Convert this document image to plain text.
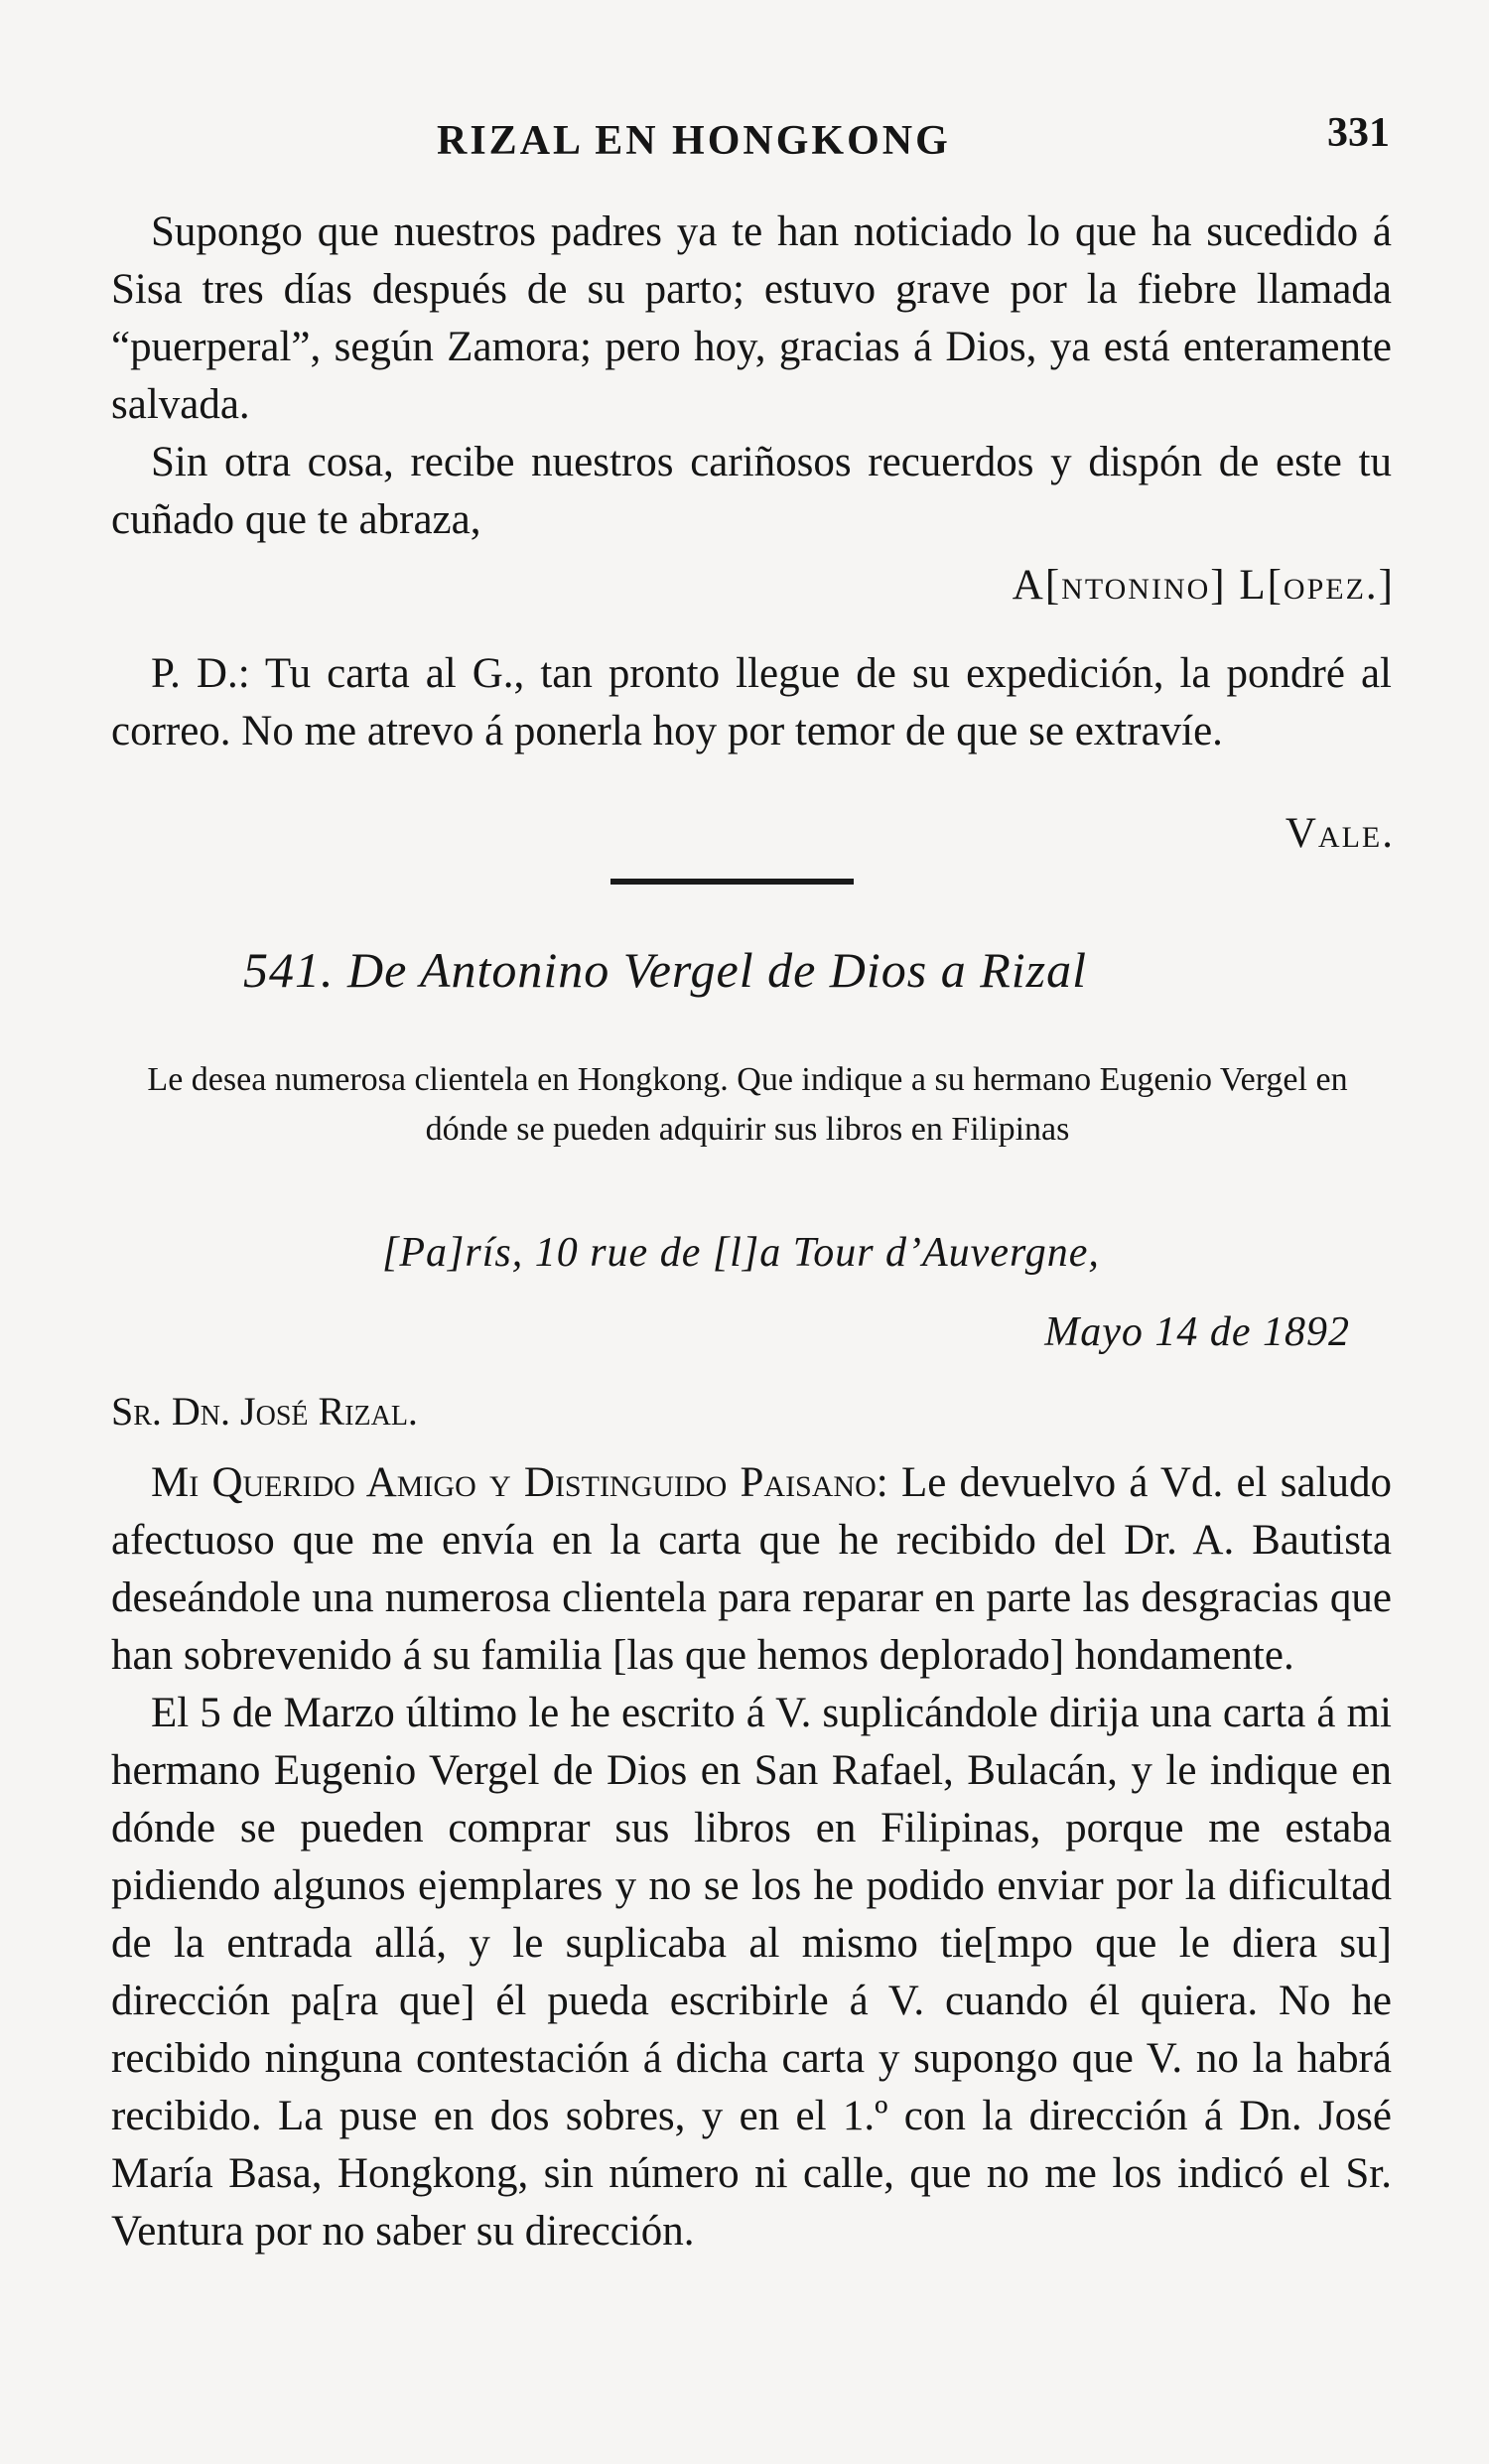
RIZAL EN HONGKONG	331

Supongo que nuestros padres ya te han noticiado lo que ha sucedido á Sisa tres días después de su parto; estuvo grave por la fiebre llamada “puerperal”, según Zamora; pero hoy, gracias á Dios, ya está enteramente salvada.

Sin otra cosa, recibe nuestros cariñosos recuerdos y dispón de este tu cuñado que te abraza,

A[ntonino] L[opez.]

P. D.: Tu carta al G., tan pronto llegue de su expedición, la pondré al correo. No me atrevo á ponerla hoy por temor de que se extravíe.

Vale.
541. De Antonino Vergel de Dios a Rizal
Le desea numerosa clientela en Hongkong. Que indique a su hermano Eugenio Vergel en dónde se pueden adquirir sus libros en Filipinas
[Pa]rís, 10 rue de [l]a Tour d’Auvergne,
Mayo 14 de 1892
Sr. Dn. José Rizal.

Mi Querido Amigo y Distinguido Paisano: Le devuelvo á Vd. el saludo afectuoso que me envía en la carta que he recibido del Dr. A. Bautista deseándole una numerosa clientela para reparar en parte las desgracias que han sobrevenido á su familia [las que hemos deplorado] hondamente.

El 5 de Marzo último le he escrito á V. suplicándole dirija una carta á mi hermano Eugenio Vergel de Dios en San Rafael, Bulacán, y le indique en dónde se pueden comprar sus libros en Filipinas, porque me estaba pidiendo algunos ejemplares y no se los he podido enviar por la dificultad de la entrada allá, y le suplicaba al mismo tie[mpo que le diera su] dirección pa[ra que] él pueda escribirle á V. cuando él quiera. No he recibido ninguna contestación á dicha carta y supongo que V. no la habrá recibido. La puse en dos sobres, y en el 1.º con la dirección á Dn. José María Basa, Hongkong, sin número ni calle, que no me los indicó el Sr. Ventura por no saber su dirección.
